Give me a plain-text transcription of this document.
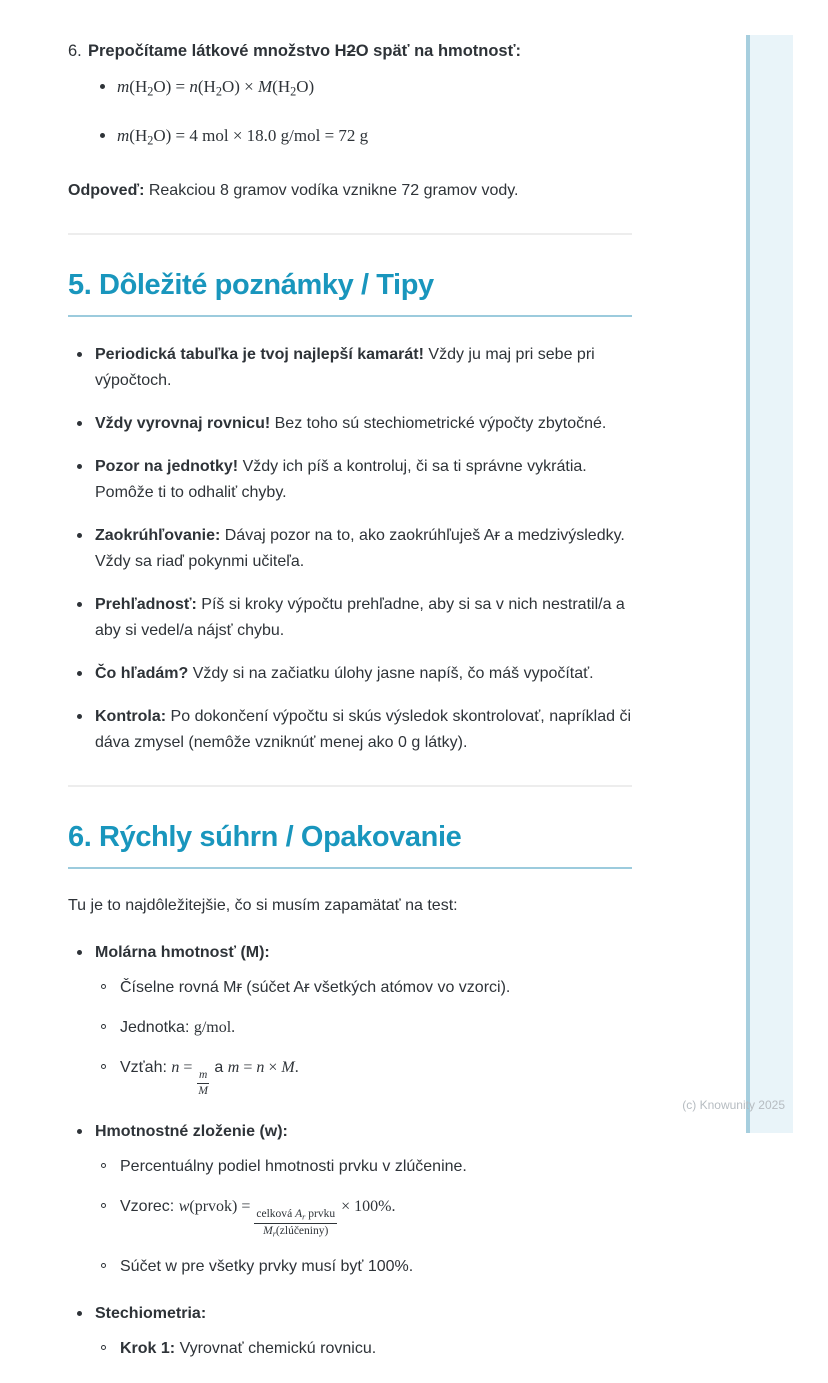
6. Prepočítame látkové množstvo H2O späť na hmotnosť:
$m(H_2O) = n(H_2O) \times M(H_2O)$
$m(H_2O) = 4$ mol × 18.0 g/mol = 72 g
Odpoveď: Reakciou 8 gramov vodíka vznikne 72 gramov vody.
5. Dôležité poznámky / Tipy
Periodická tabuľka je tvoj najlepší kamarát! Vždy ju maj pri sebe pri výpočtoch.
Vždy vyrovnaj rovnicu! Bez toho sú stechiometrické výpočty zbytočné.
Pozor na jednotky! Vždy ich píš a kontroluj, či sa ti správne vykrátia. Pomôže ti to odhaliť chyby.
Zaokrúhľovanie: Dávaj pozor na to, ako zaokrúhľuješ Ar a medzivýsledky. Vždy sa riaď pokynmi učiteľa.
Prehľadnosť: Píš si kroky výpočtu prehľadne, aby si sa v nich nestratil/a a aby si vedel/a nájsť chybu.
Čo hľadám? Vždy si na začiatku úlohy jasne napíš, čo máš vypočítať.
Kontrola: Po dokončení výpočtu si skús výsledok skontrolovať, napríklad či dáva zmysel (nemôže vzniknúť menej ako 0 g látky).
6. Rýchly súhrn / Opakovanie
Tu je to najdôležitejšie, čo si musím zapamätať na test:
Molárna hmotnosť (M):
Číselne rovná Mr (súčet Ar všetkých atómov vo vzorci).
Jednotka: g/mol.
Vzťah: n =
$\frac{m}{M}$
a m = n × M.
Hmotnostné zloženie (w):
Percentuálny podiel hmotnosti prvku v zlúčenine.
Vzorec: w(prvok) =
$\frac{celková A_r prvku}{M_r(zlúčeniny)}$
× 100%.
Súčet w pre všetky prvky musí byť 100%.
Stechiometria:
Krok 1: Vyrovnať chemickú rovnicu.
(c) Knowunity 2025
